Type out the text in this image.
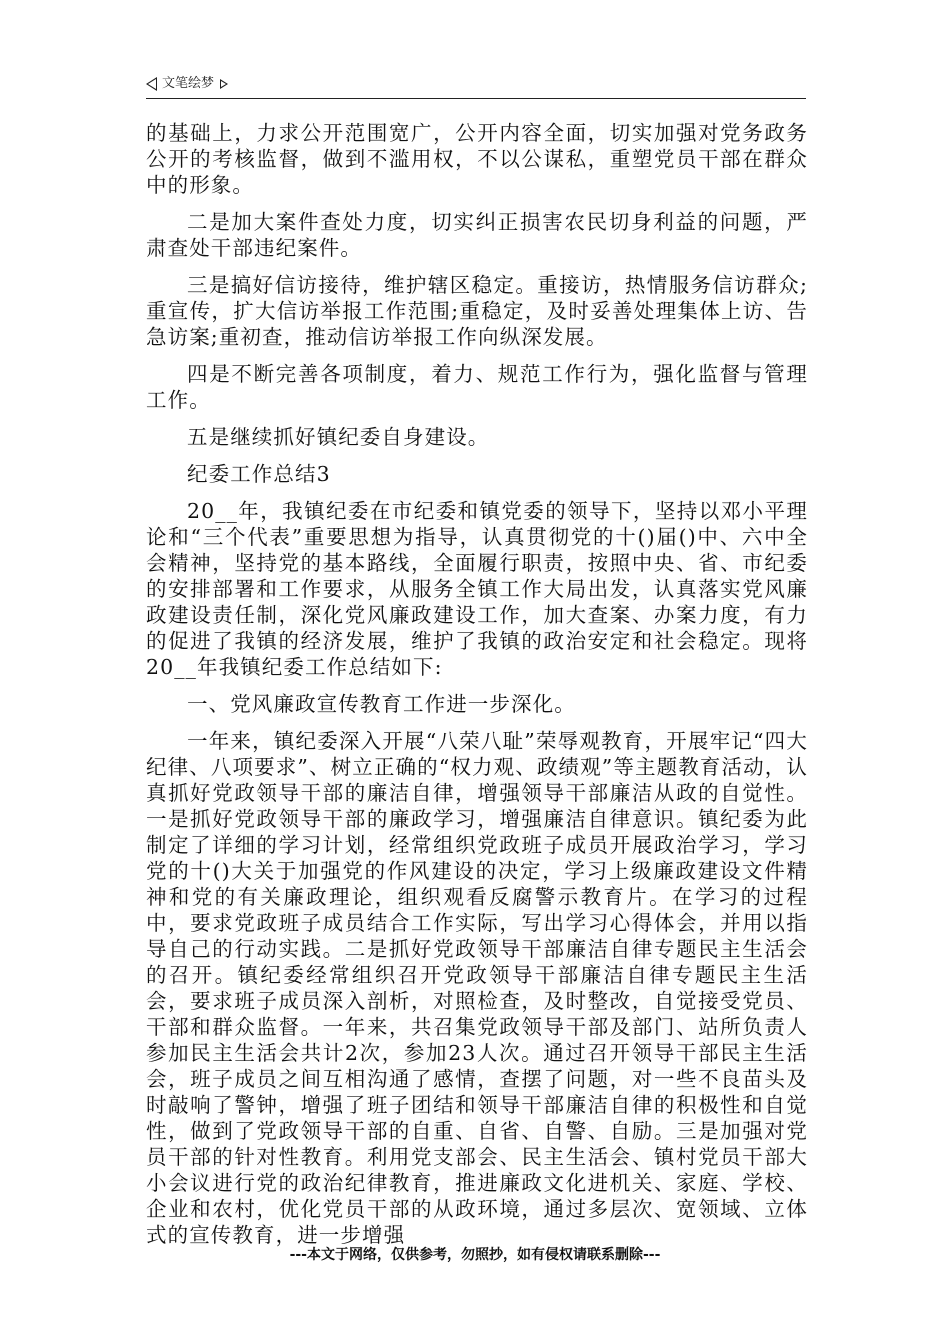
文笔绘梦

的基础上，力求公开范围宽广，公开内容全面，切实加强对党务政务公开的考核监督，做到不滥用权，不以公谋私，重塑党员干部在群众中的形象。

二是加大案件查处力度，切实纠正损害农民切身利益的问题，严肃查处干部违纪案件。

三是搞好信访接待，维护辖区稳定。重接访，热情服务信访群众;重宣传，扩大信访举报工作范围;重稳定，及时妥善处理集体上访、告急访案;重初查，推动信访举报工作向纵深发展。

四是不断完善各项制度，着力、规范工作行为，强化监督与管理工作。

五是继续抓好镇纪委自身建设。

纪委工作总结3

20__年，我镇纪委在市纪委和镇党委的领导下，坚持以邓小平理论和“三个代表”重要思想为指导，认真贯彻党的十()届()中、六中全会精神，坚持党的基本路线，全面履行职责，按照中央、省、市纪委的安排部署和工作要求，从服务全镇工作大局出发，认真落实党风廉政建设责任制，深化党风廉政建设工作，加大查案、办案力度，有力的促进了我镇的经济发展，维护了我镇的政治安定和社会稳定。现将20__年我镇纪委工作总结如下:

一、党风廉政宣传教育工作进一步深化。

一年来，镇纪委深入开展“八荣八耻”荣辱观教育，开展牢记“四大纪律、八项要求”、树立正确的“权力观、政绩观”等主题教育活动，认真抓好党政领导干部的廉洁自律，增强领导干部廉洁从政的自觉性。一是抓好党政领导干部的廉政学习，增强廉洁自律意识。镇纪委为此制定了详细的学习计划，经常组织党政班子成员开展政治学习，学习党的十()大关于加强党的作风建设的决定，学习上级廉政建设文件精神和党的有关廉政理论，组织观看反腐警示教育片。在学习的过程中，要求党政班子成员结合工作实际，写出学习心得体会，并用以指导自己的行动实践。二是抓好党政领导干部廉洁自律专题民主生活会的召开。镇纪委经常组织召开党政领导干部廉洁自律专题民主生活会，要求班子成员深入剖析，对照检查，及时整改，自觉接受党员、干部和群众监督。一年来，共召集党政领导干部及部门、站所负责人参加民主生活会共计2次，参加23人次。通过召开领导干部民主生活会，班子成员之间互相沟通了感情，查摆了问题，对一些不良苗头及时敲响了警钟，增强了班子团结和领导干部廉洁自律的积极性和自觉性，做到了党政领导干部的自重、自省、自警、自励。三是加强对党员干部的针对性教育。利用党支部会、民主生活会、镇村党员干部大小会议进行党的政治纪律教育，推进廉政文化进机关、家庭、学校、企业和农村，优化党员干部的从政环境，通过多层次、宽领域、立体式的宣传教育，进一步增强

---本文于网络，仅供参考，勿照抄，如有侵权请联系删除---
